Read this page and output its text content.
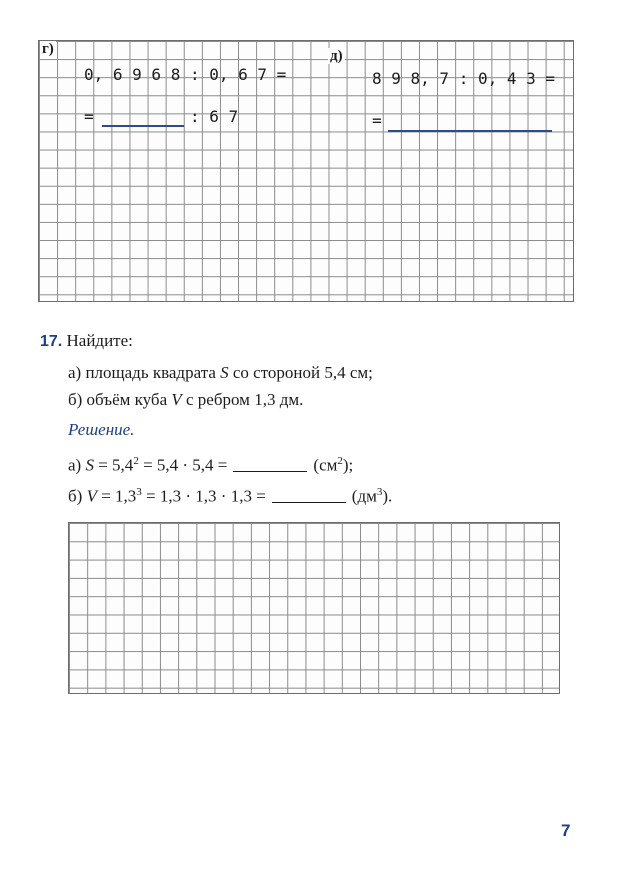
г)
0, 6 9 6 8 : 0, 6 7 =
=	: 6 7
д)
8 9 8, 7 : 0, 4 3 =
=
17. Найдите:
а) площадь квадрата S со стороной 5,4 см;
б) объём куба V с ребром 1,3 дм.
Решение.
а) $S = 5,4^2 = 5,4 \cdot 5,4$ =	$(см^2)$;
б) $V = 1,3^3 = 1,3 \cdot 1,3 \cdot 1,3$ =	$(дм^3)$.
7
